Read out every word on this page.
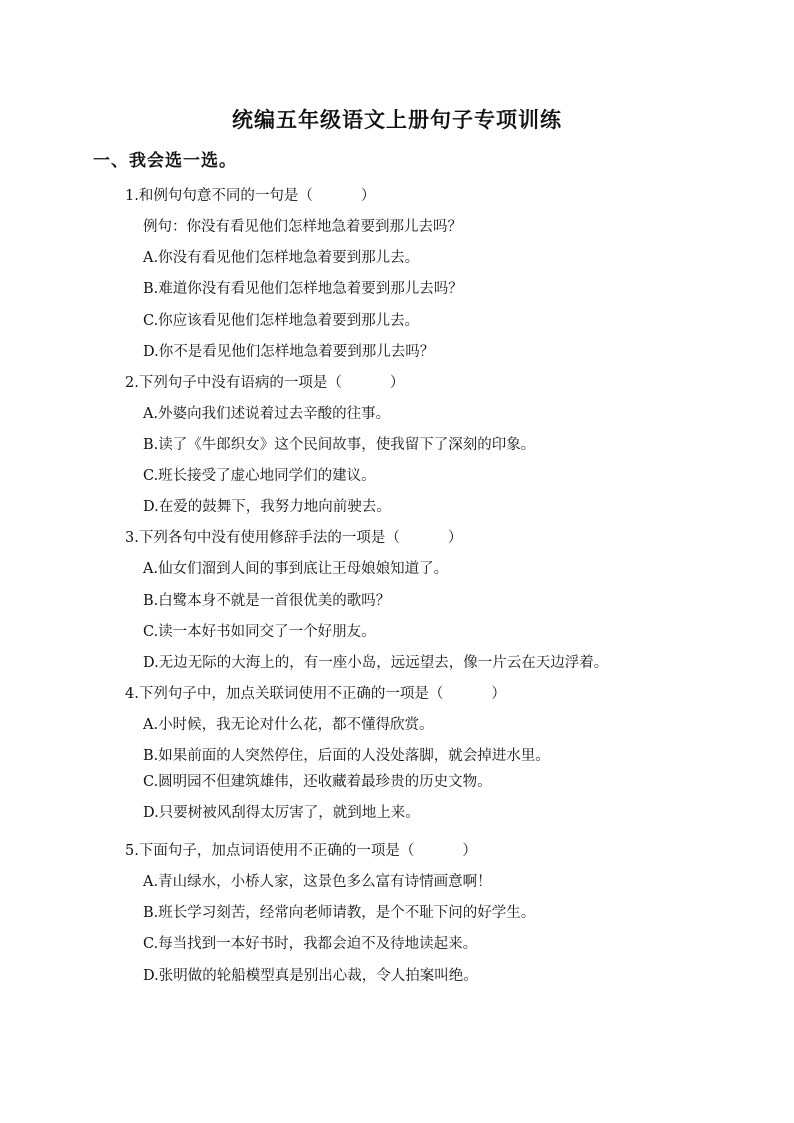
统编五年级语文上册句子专项训练
一、我会选一选。
1.和例句句意不同的一句是（	）
例句：你没有看见他们怎样地急着要到那儿去吗？
A.你没有看见他们怎样地急着要到那儿去。
B.难道你没有看见他们怎样地急着要到那儿去吗？
C.你应该看见他们怎样地急着要到那儿去。
D.你不是看见他们怎样地急着要到那儿去吗？
2.下列句子中没有语病的一项是（	）
A.外婆向我们述说着过去辛酸的往事。
B.读了《牛郎织女》这个民间故事，使我留下了深刻的印象。
C.班长接受了虚心地同学们的建议。
D.在爱的鼓舞下，我努力地向前驶去。
3.下列各句中没有使用修辞手法的一项是（	）
A.仙女们溜到人间的事到底让王母娘娘知道了。
B.白鹭本身不就是一首很优美的歌吗？
C.读一本好书如同交了一个好朋友。
D.无边无际的大海上的，有一座小岛，远远望去，像一片云在天边浮着。
4.下列句子中，加点关联词使用不正确的一项是（	）
A.小时候，我无论对什么花，都不懂得欣赏。
B.如果前面的人突然停住，后面的人没处落脚，就会掉进水里。
C.圆明园不但建筑雄伟，还收藏着最珍贵的历史文物。
D.只要树被风刮得太厉害了，就到地上来。
5.下面句子，加点词语使用不正确的一项是（	）
A.青山绿水，小桥人家，这景色多么富有诗情画意啊！
B.班长学习刻苦，经常向老师请教，是个不耻下问的好学生。
C.每当找到一本好书时，我都会迫不及待地读起来。
D.张明做的轮船模型真是别出心裁，令人拍案叫绝。
